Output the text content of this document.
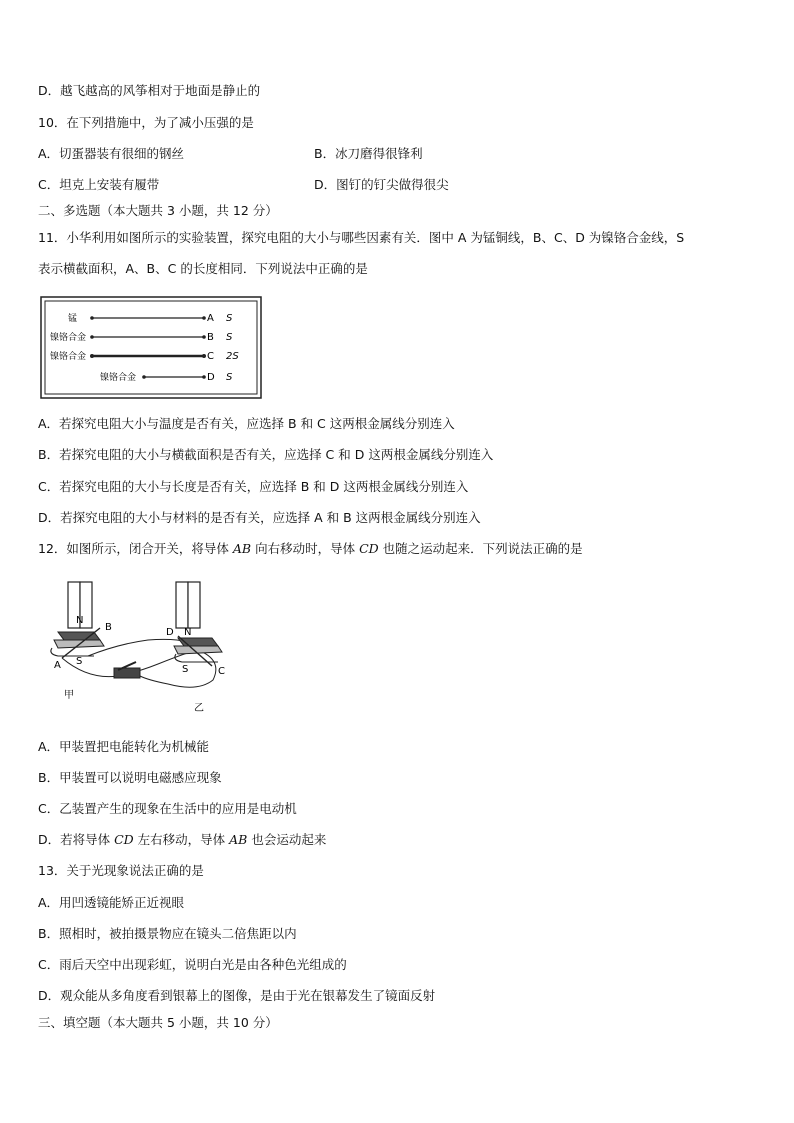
D．越飞越高的风筝相对于地面是静止的
10．在下列措施中，为了减小压强的是
A．切蛋器装有很细的钢丝	B．冰刀磨得很锋利
C．坦克上安装有履带	D．图钉的钉尖做得很尖
二、多选题（本大题共 3 小题，共 12 分）
11．小华利用如图所示的实验装置，探究电阻的大小与哪些因素有关．图中 A 为锰铜线，B、C、D 为镍铬合金线，S
表示横截面积，A、B、C 的长度相同．下列说法中正确的是
锰	A S
镍铬合金	B S
镍铬合金	C 2S
镍铬合金	D S
A．若探究电阻大小与温度是否有关，应选择 B 和 C 这两根金属线分别连入
B．若探究电阻的大小与横截面积是否有关，应选择 C 和 D 这两根金属线分别连入
C．若探究电阻的大小与长度是否有关，应选择 B 和 D 这两根金属线分别连入
D．若探究电阻的大小与材料的是否有关，应选择 A 和 B 这两根金属线分别连入
12．如图所示，闭合开关，将导体 AB 向右移动时，导体 CD 也随之运动起来．下列说法正确的是
N
S
B
A
D N
S	C
甲
乙
A．甲装置把电能转化为机械能
B．甲装置可以说明电磁感应现象
C．乙装置产生的现象在生活中的应用是电动机
D．若将导体 CD 左右移动，导体 AB 也会运动起来
13．关于光现象说法正确的是
A．用凹透镜能矫正近视眼
B．照相时，被拍摄景物应在镜头二倍焦距以内
C．雨后天空中出现彩虹，说明白光是由各种色光组成的
D．观众能从多角度看到银幕上的图像，是由于光在银幕发生了镜面反射
三、填空题（本大题共 5 小题，共 10 分）
